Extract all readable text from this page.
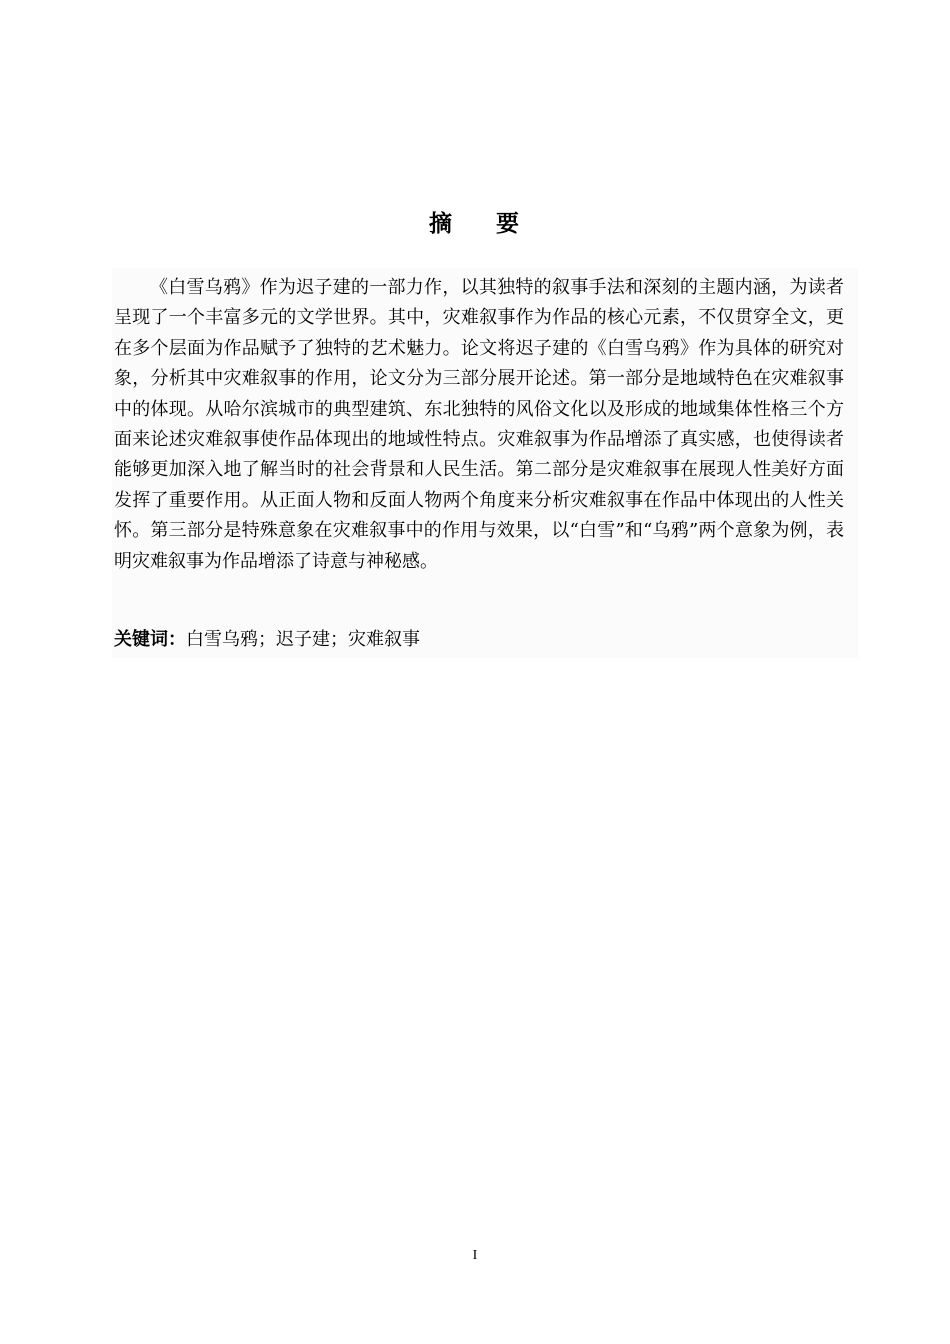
摘 要

《白雪乌鸦》作为迟子建的一部力作，以其独特的叙事手法和深刻的主题内涵，为读者呈现了一个丰富多元的文学世界。其中，灾难叙事作为作品的核心元素，不仅贯穿全文，更在多个层面为作品赋予了独特的艺术魅力。论文将迟子建的《白雪乌鸦》作为具体的研究对象，分析其中灾难叙事的作用，论文分为三部分展开论述。第一部分是地域特色在灾难叙事中的体现。从哈尔滨城市的典型建筑、东北独特的风俗文化以及形成的地域集体性格三个方面来论述灾难叙事使作品体现出的地域性特点。灾难叙事为作品增添了真实感，也使得读者能够更加深入地了解当时的社会背景和人民生活。第二部分是灾难叙事在展现人性美好方面发挥了重要作用。从正面人物和反面人物两个角度来分析灾难叙事在作品中体现出的人性关怀。第三部分是特殊意象在灾难叙事中的作用与效果，以“白雪”和“乌鸦”两个意象为例，表明灾难叙事为作品增添了诗意与神秘感。

关键词：白雪乌鸦；迟子建；灾难叙事
I
